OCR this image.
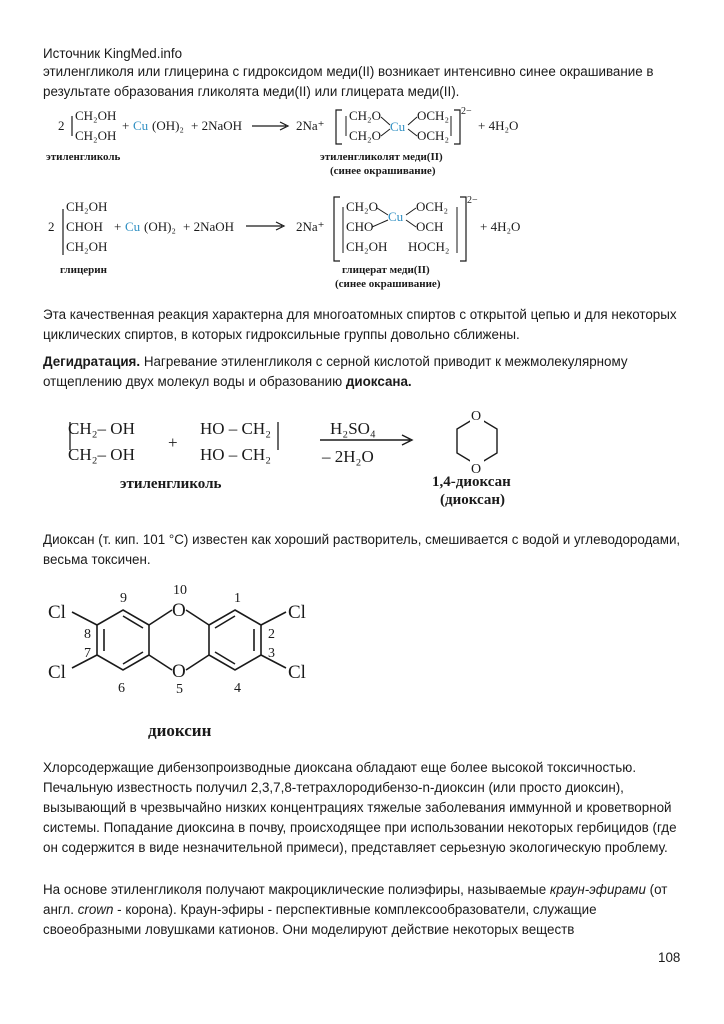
Источник KingMed.info

этиленгликоля или глицерина с гидроксидом меди(II) возникает интенсивно синее окрашивание в результате образования гликолята меди(II) или глицерата меди(II).

2
CH₂OH
CH₂OH
+ Cu (OH)₂ + 2NaOH	2Na⁺
CH₂O
CH₂O
Cu
OCH₂
OCH₂
2−
+ 4H₂O
этиленгликоль	этиленгликолят меди(II)
(синее окрашивание)
2
CH₂OH
CHOH
CH₂OH
+ Cu (OH)₂ + 2NaOH	2Na⁺
CH₂O
CHO
CH₂OH
Cu
OCH₂
OCH
HOCH₂
2−
+ 4H₂O
глицерин	глицерат меди(II)
(синее окрашивание)

Эта качественная реакция характерна для многоатомных спиртов с открытой цепью и для некоторых циклических спиртов, в которых гидроксильные группы довольно сближены.

Дегидратация. Нагревание этиленгликоля с серной кислотой приводит к межмолекулярному отщеплению двух молекул воды и образованию диоксана.

CH₂– OH
CH₂– OH
+
HO – CH₂
HO – CH₂
H₂SO₄
– 2H₂O
O
O
этиленгликоль	1,4-диоксан
(диоксан)

Диоксан (т. кип. 101 °С) известен как хороший растворитель, смешивается с водой и углеводородами, весьма токсичен.

O
O
Cl
Cl
Cl
Cl
10
9	1
8	2
7	3
6	5	4
диоксин

Хлорсодержащие дибензопроизводные диоксана обладают еще более высокой токсичностью. Печальную известность получил 2,3,7,8-тетрахлородибензо-n-диоксин (или просто диоксин), вызывающий в чрезвычайно низких концентрациях тяжелые заболевания иммунной и кроветворной системы. Попадание диоксина в почву, происходящее при использовании некоторых гербицидов (где он содержится в виде незначительной примеси), представляет серьезную экологическую проблему.

На основе этиленгликоля получают макроциклические полиэфиры, называемые краун-эфирами (от англ. crown - корона). Краун-эфиры - перспективные комплексообразователи, служащие своеобразными ловушками катионов. Они моделируют действие некоторых веществ

108
